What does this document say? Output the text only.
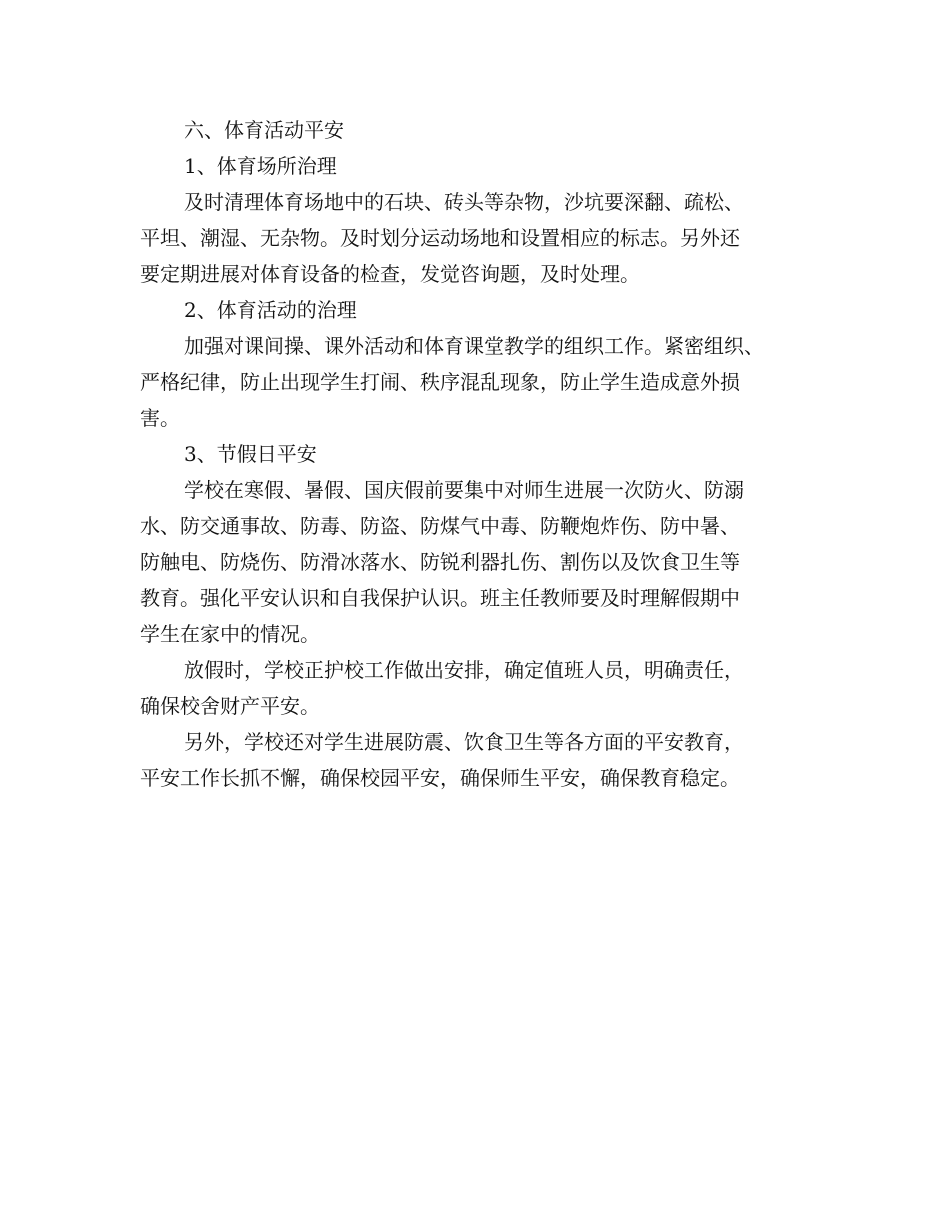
六、体育活动平安
1、体育场所治理
及时清理体育场地中的石块、砖头等杂物，沙坑要深翻、疏松、
平坦、潮湿、无杂物。及时划分运动场地和设置相应的标志。另外还
要定期进展对体育设备的检查，发觉咨询题，及时处理。
2、体育活动的治理
加强对课间操、课外活动和体育课堂教学的组织工作。紧密组织、
严格纪律，防止出现学生打闹、秩序混乱现象，防止学生造成意外损
害。
3、节假日平安
学校在寒假、暑假、国庆假前要集中对师生进展一次防火、防溺
水、防交通事故、防毒、防盗、防煤气中毒、防鞭炮炸伤、防中暑、
防触电、防烧伤、防滑冰落水、防锐利器扎伤、割伤以及饮食卫生等
教育。强化平安认识和自我保护认识。班主任教师要及时理解假期中
学生在家中的情况。
放假时，学校正护校工作做出安排，确定值班人员，明确责任，
确保校舍财产平安。
另外，学校还对学生进展防震、饮食卫生等各方面的平安教育，
平安工作长抓不懈，确保校园平安，确保师生平安，确保教育稳定。
